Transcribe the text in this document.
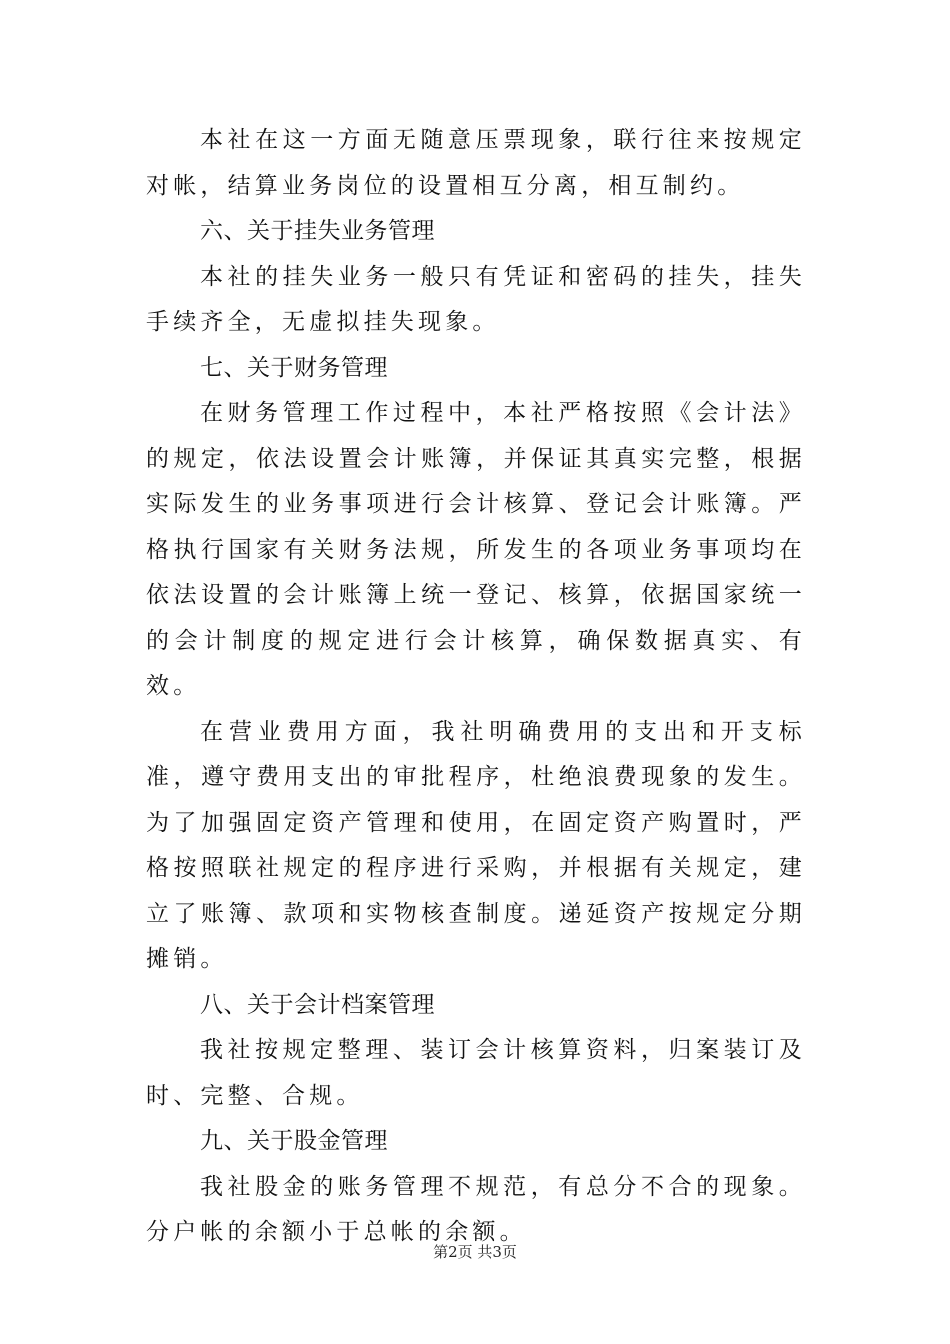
本社在这一方面无随意压票现象，联行往来按规定对帐，结算业务岗位的设置相互分离，相互制约。

六、关于挂失业务管理

本社的挂失业务一般只有凭证和密码的挂失，挂失手续齐全，无虚拟挂失现象。

七、关于财务管理

在财务管理工作过程中，本社严格按照《会计法》的规定，依法设置会计账簿，并保证其真实完整，根据实际发生的业务事项进行会计核算、登记会计账簿。严格执行国家有关财务法规，所发生的各项业务事项均在依法设置的会计账簿上统一登记、核算，依据国家统一的会计制度的规定进行会计核算，确保数据真实、有效。

在营业费用方面，我社明确费用的支出和开支标准，遵守费用支出的审批程序，杜绝浪费现象的发生。为了加强固定资产管理和使用，在固定资产购置时，严格按照联社规定的程序进行采购，并根据有关规定，建立了账簿、款项和实物核查制度。递延资产按规定分期摊销。

八、关于会计档案管理

我社按规定整理、装订会计核算资料，归案装订及时、完整、合规。

九、关于股金管理

我社股金的账务管理不规范，有总分不合的现象。分户帐的余额小于总帐的余额。

第2页 共3页
